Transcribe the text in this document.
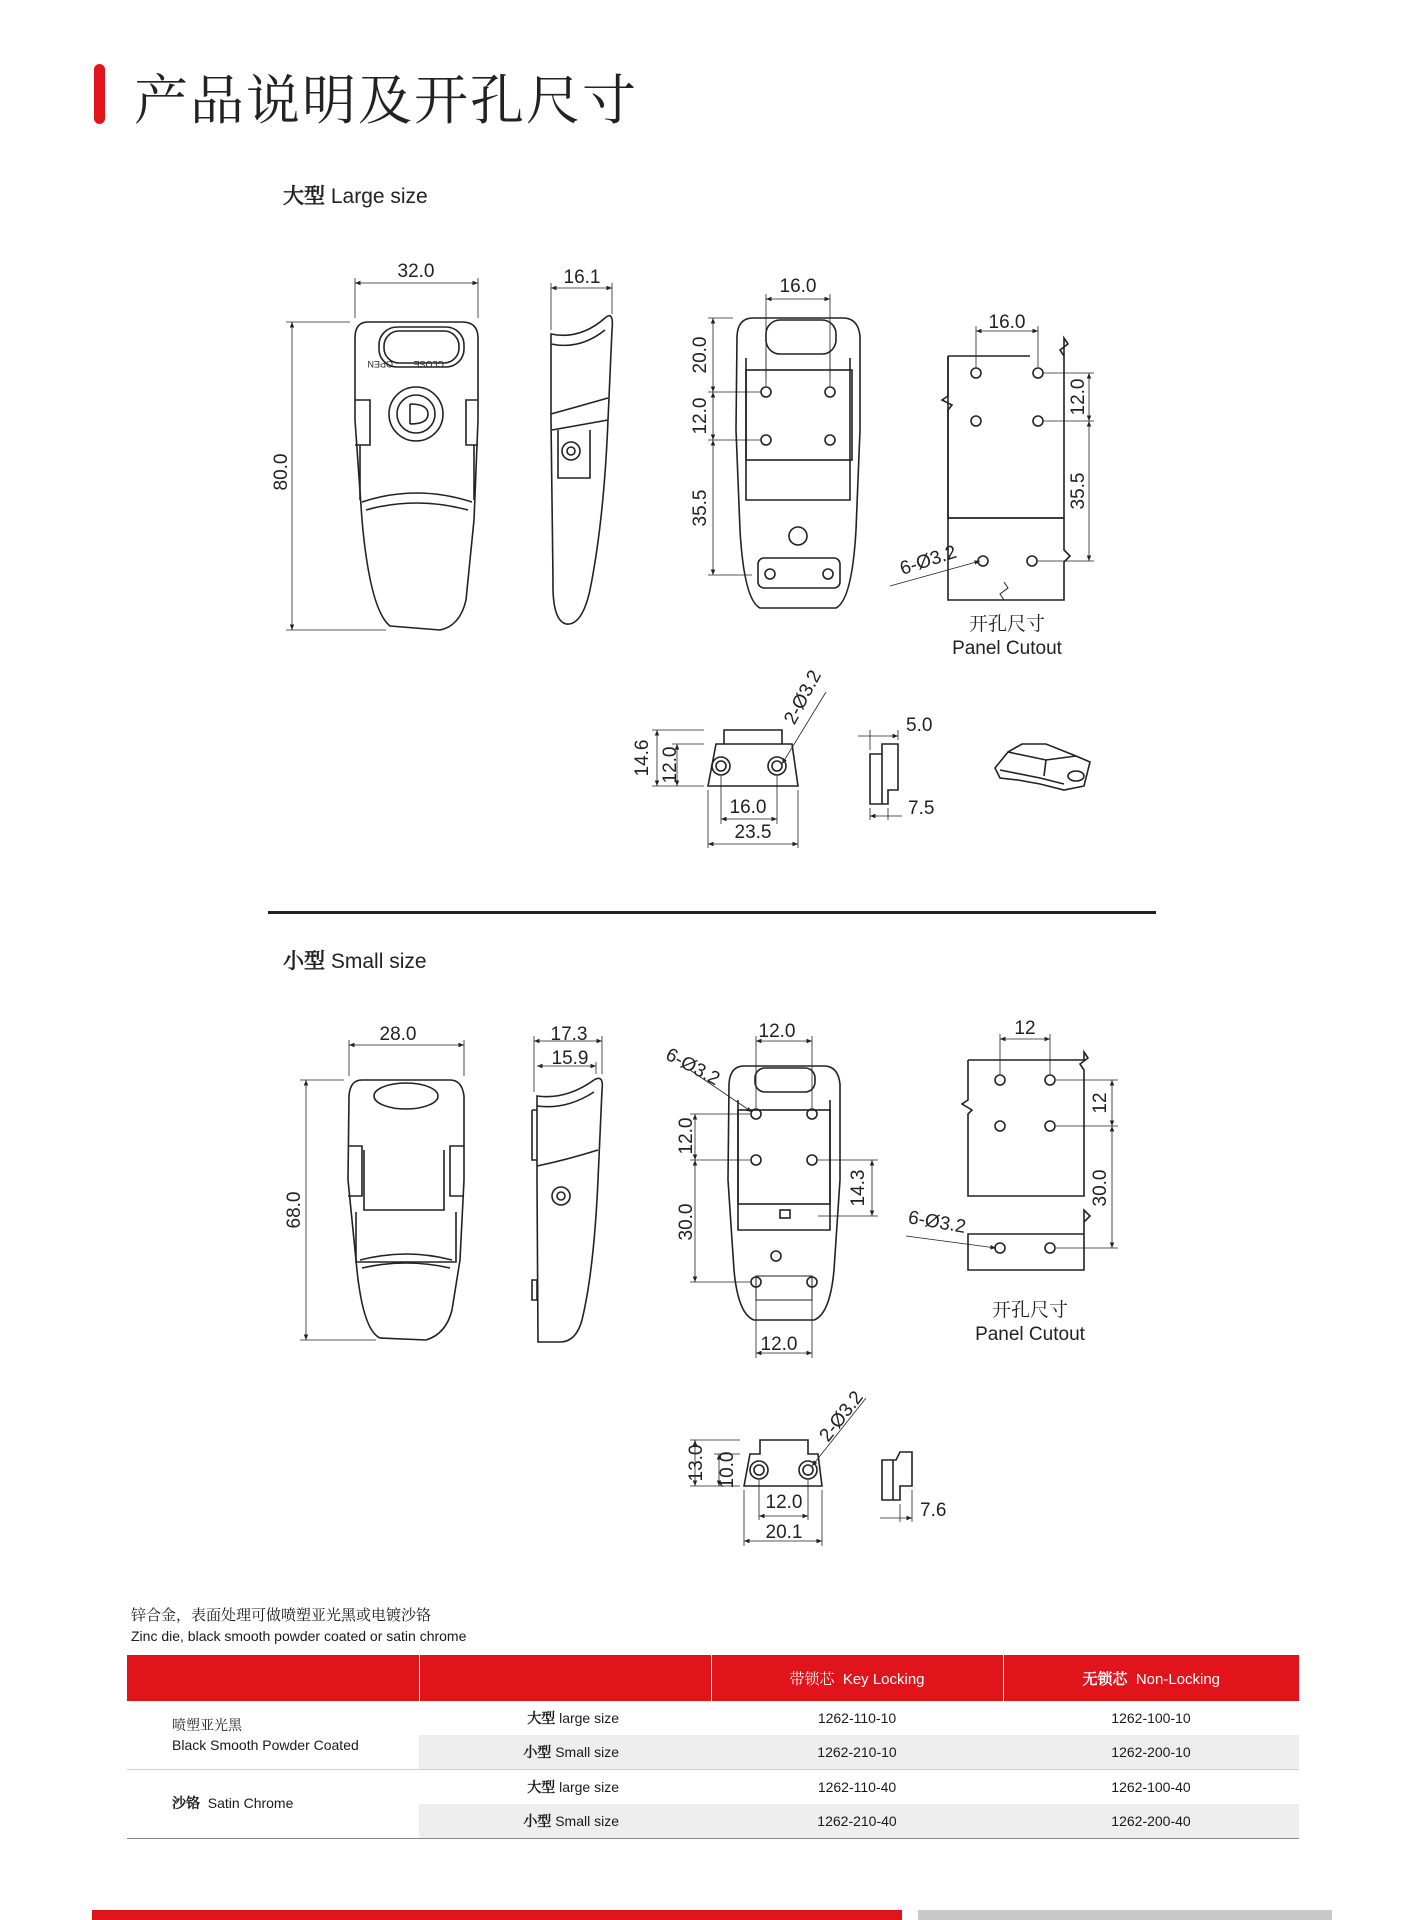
产品说明及开孔尺寸
大型 Large size
小型 Small size
OPEN CLOSE
32.0
80.0
16.1	16.0
20.0
12.0
35.5
16.0
12.0
35.5
6-Ø3.2
开孔尺寸
Panel Cutout
2-Ø3.2
14.6 12.0
16.0
23.5
5.0
7.5
28.0
68.0
17.3
15.9
12.0
6-Ø3.2
12.0
30.0
14.3
12.0
12
12
30.0
6-Ø3.2
开孔尺寸
Panel Cutout
2-Ø3.2
13.0 10.0
12.0
20.1
7.6
锌合金，表面处理可做喷塑亚光黑或电镀沙铬
Zinc die, black smooth powder coated or satin chrome
		带锁芯 Key Locking	无锁芯 Non-Locking
喷塑亚光黑
Black Smooth Powder Coated	大型 large size	1262-110-10	1262-100-10
	小型 Small size	1262-210-10	1262-200-10
沙铬 Satin Chrome	大型 large size	1262-110-40	1262-100-40
	小型 Small size	1262-210-40	1262-200-40
